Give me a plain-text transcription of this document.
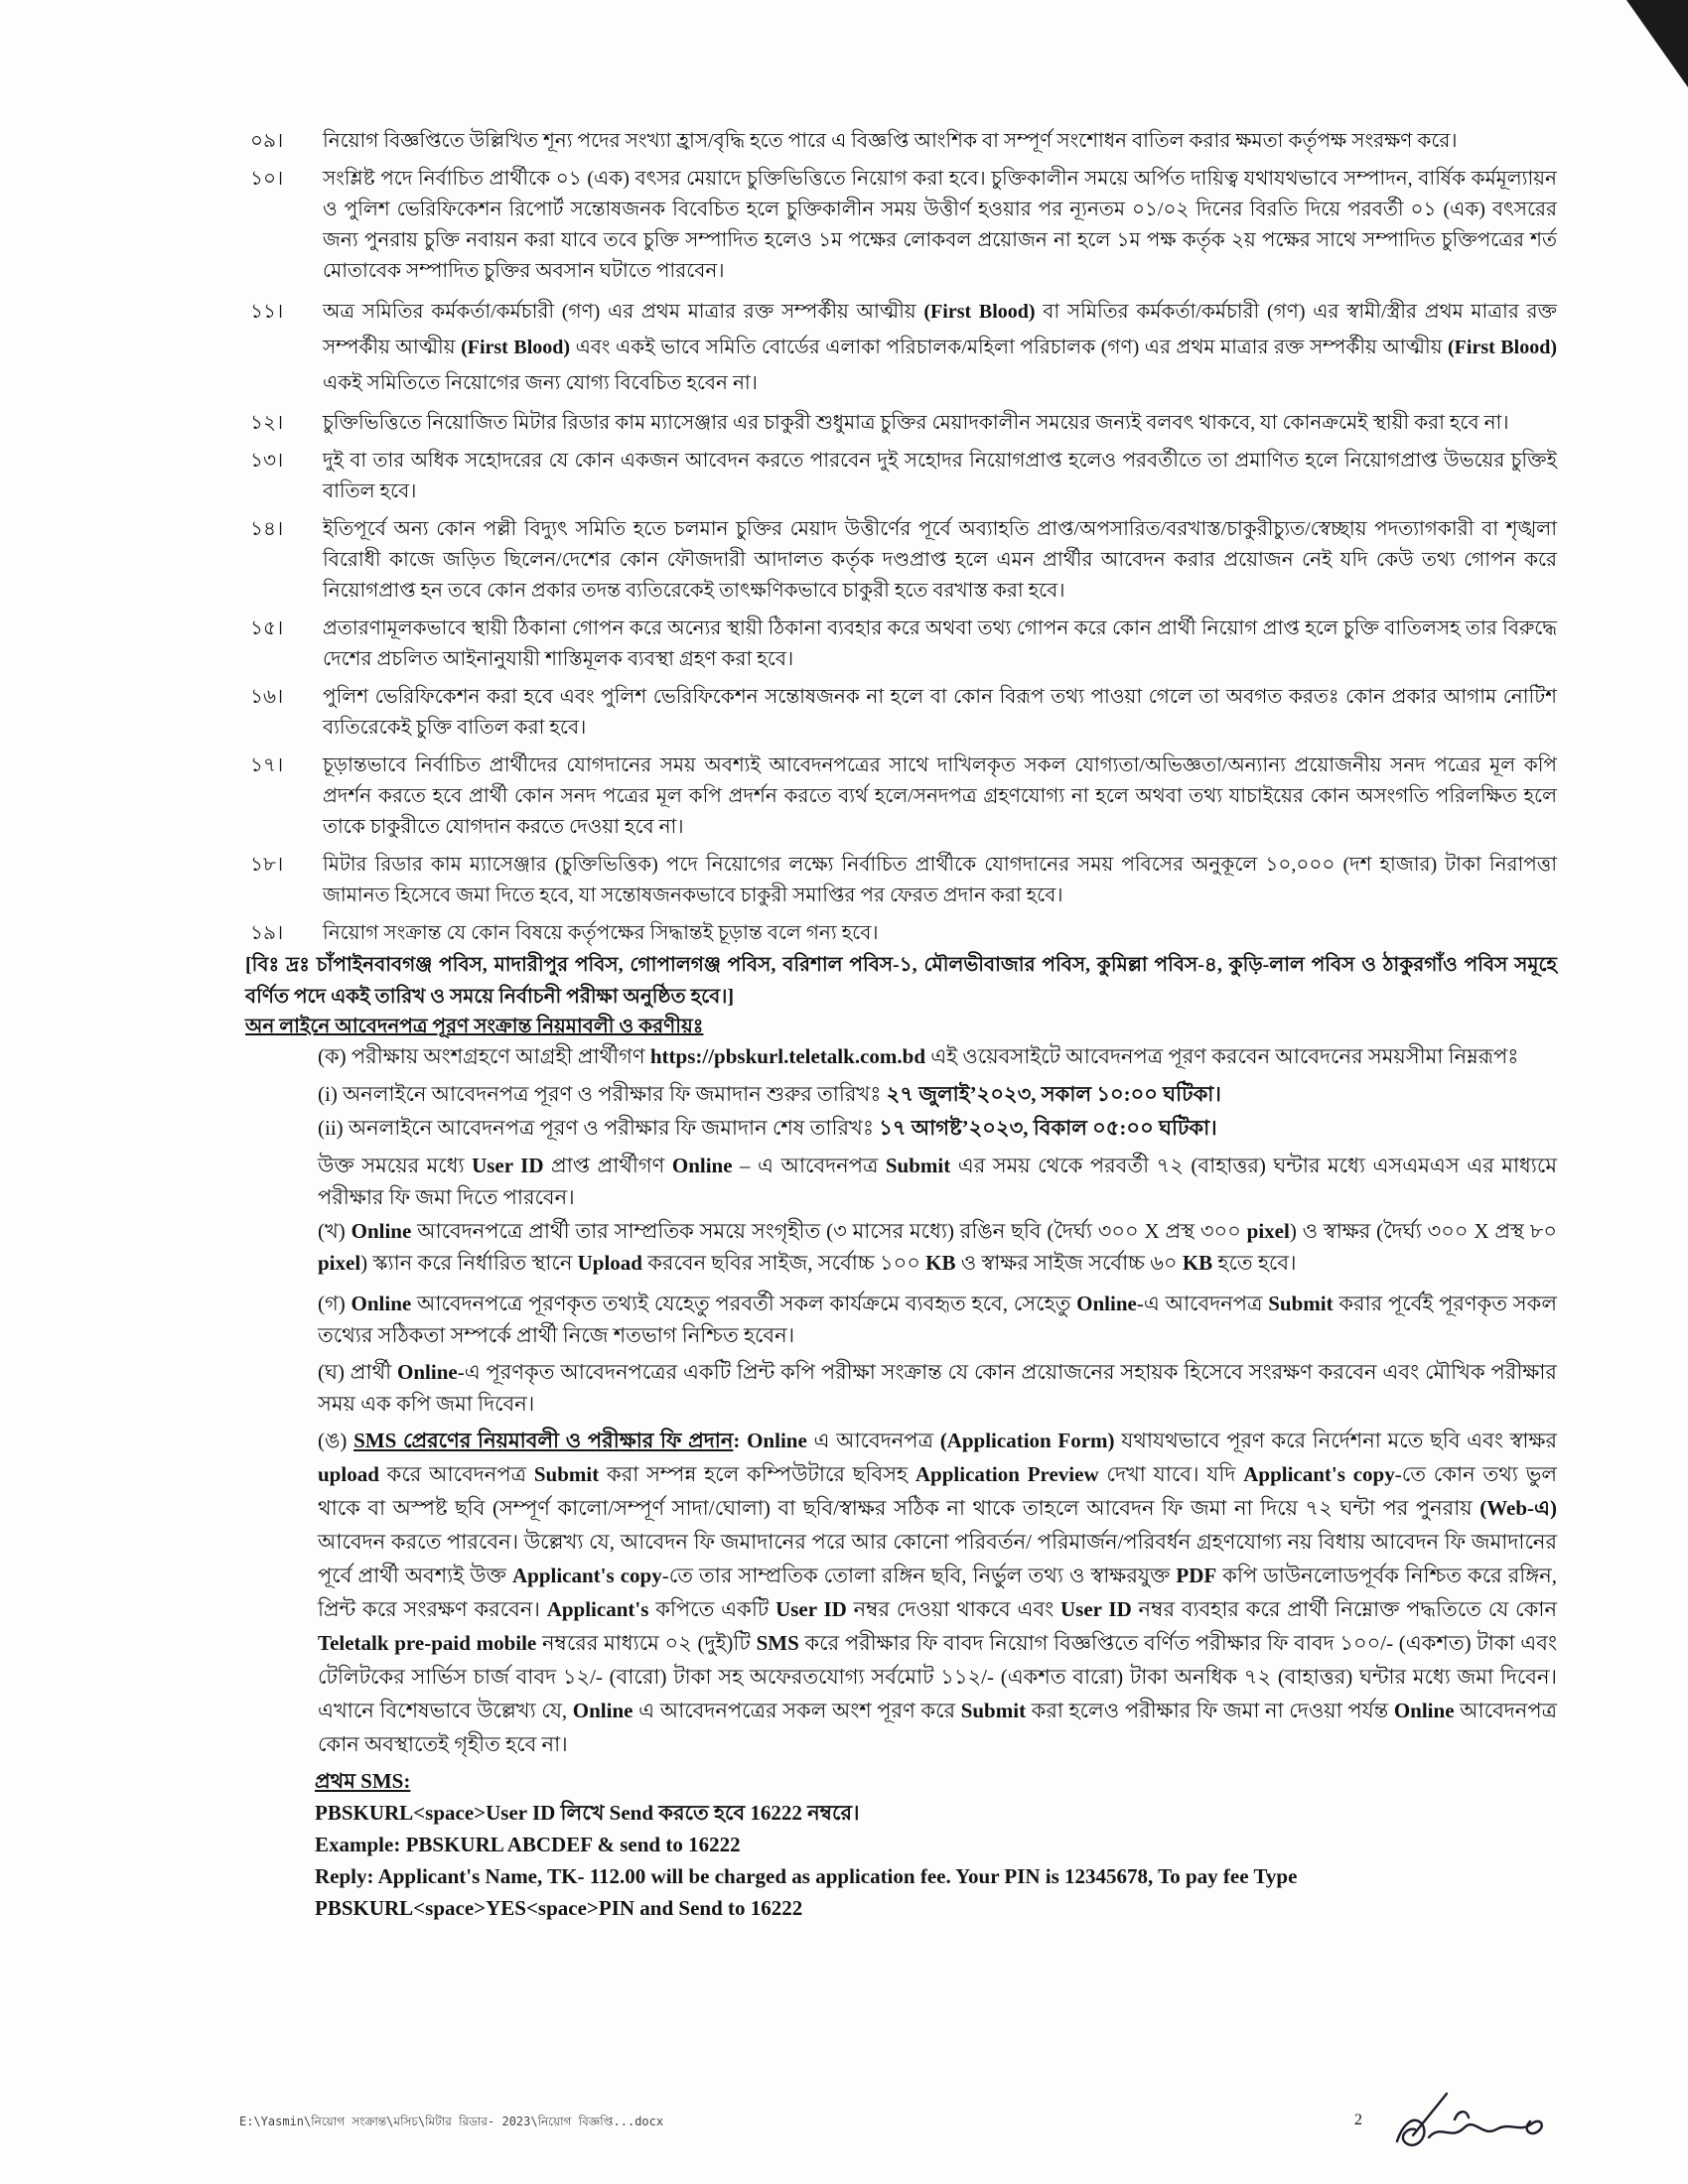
০৯।	নিয়োগ বিজ্ঞপ্তিতে উল্লিখিত শূন্য পদের সংখ্যা হ্রাস/বৃদ্ধি হতে পারে এ বিজ্ঞপ্তি আংশিক বা সম্পূর্ণ সংশোধন বাতিল করার ক্ষমতা কর্তৃপক্ষ সংরক্ষণ করে।
১০।	সংশ্লিষ্ট পদে নির্বাচিত প্রার্থীকে ০১ (এক) বৎসর মেয়াদে চুক্তিভিত্তিতে নিয়োগ করা হবে। চুক্তিকালীন সময়ে অর্পিত দায়িত্ব যথাযথভাবে সম্পাদন, বার্ষিক কর্মমূল্যায়ন ও পুলিশ ভেরিফিকেশন রিপোর্ট সন্তোষজনক বিবেচিত হলে চুক্তিকালীন সময় উত্তীর্ণ হওয়ার পর ন্যূনতম ০১/০২ দিনের বিরতি দিয়ে পরবর্তী ০১ (এক) বৎসরের জন্য পুনরায় চুক্তি নবায়ন করা যাবে তবে চুক্তি সম্পাদিত হলেও ১ম পক্ষের লোকবল প্রয়োজন না হলে ১ম পক্ষ কর্তৃক ২য় পক্ষের সাথে সম্পাদিত চুক্তিপত্রের শর্ত মোতাবেক সম্পাদিত চুক্তির অবসান ঘটাতে পারবেন।
১১।	অত্র সমিতির কর্মকর্তা/কর্মচারী (গণ) এর প্রথম মাত্রার রক্ত সম্পর্কীয় আত্মীয় (First Blood) বা সমিতির কর্মকর্তা/কর্মচারী (গণ) এর স্বামী/স্ত্রীর প্রথম মাত্রার রক্ত সম্পর্কীয় আত্মীয় (First Blood) এবং একই ভাবে সমিতি বোর্ডের এলাকা পরিচালক/মহিলা পরিচালক (গণ) এর প্রথম মাত্রার রক্ত সম্পর্কীয় আত্মীয় (First Blood) একই সমিতিতে নিয়োগের জন্য যোগ্য বিবেচিত হবেন না।
১২।	চুক্তিভিত্তিতে নিয়োজিত মিটার রিডার কাম ম্যাসেঞ্জার এর চাকুরী শুধুমাত্র চুক্তির মেয়াদকালীন সময়ের জন্যই বলবৎ থাকবে, যা কোনক্রমেই স্থায়ী করা হবে না।
১৩।	দুই বা তার অধিক সহোদরের যে কোন একজন আবেদন করতে পারবেন দুই সহোদর নিয়োগপ্রাপ্ত হলেও পরবর্তীতে তা প্রমাণিত হলে নিয়োগপ্রাপ্ত উভয়ের চুক্তিই বাতিল হবে।
১৪।	ইতিপূর্বে অন্য কোন পল্লী বিদ্যুৎ সমিতি হতে চলমান চুক্তির মেয়াদ উত্তীর্ণের পূর্বে অব্যাহতি প্রাপ্ত/অপসারিত/বরখাস্ত/চাকুরীচ্যুত/স্বেচ্ছায় পদত্যাগকারী বা শৃঙ্খলা বিরোধী কাজে জড়িত ছিলেন/দেশের কোন ফৌজদারী আদালত কর্তৃক দণ্ডপ্রাপ্ত হলে এমন প্রার্থীর আবেদন করার প্রয়োজন নেই যদি কেউ তথ্য গোপন করে নিয়োগপ্রাপ্ত হন তবে কোন প্রকার তদন্ত ব্যতিরেকেই তাৎক্ষণিকভাবে চাকুরী হতে বরখাস্ত করা হবে।
১৫।	প্রতারণামূলকভাবে স্থায়ী ঠিকানা গোপন করে অন্যের স্থায়ী ঠিকানা ব্যবহার করে অথবা তথ্য গোপন করে কোন প্রার্থী নিয়োগ প্রাপ্ত হলে চুক্তি বাতিলসহ তার বিরুদ্ধে দেশের প্রচলিত আইনানুযায়ী শাস্তিমূলক ব্যবস্থা গ্রহণ করা হবে।
১৬।	পুলিশ ভেরিফিকেশন করা হবে এবং পুলিশ ভেরিফিকেশন সন্তোষজনক না হলে বা কোন বিরূপ তথ্য পাওয়া গেলে তা অবগত করতঃ কোন প্রকার আগাম নোটিশ ব্যতিরেকেই চুক্তি বাতিল করা হবে।
১৭।	চূড়ান্তভাবে নির্বাচিত প্রার্থীদের যোগদানের সময় অবশ্যই আবেদনপত্রের সাথে দাখিলকৃত সকল যোগ্যতা/অভিজ্ঞতা/অন্যান্য প্রয়োজনীয় সনদ পত্রের মূল কপি প্রদর্শন করতে হবে প্রার্থী কোন সনদ পত্রের মূল কপি প্রদর্শন করতে ব্যর্থ হলে/সনদপত্র গ্রহণযোগ্য না হলে অথবা তথ্য যাচাইয়ের কোন অসংগতি পরিলক্ষিত হলে তাকে চাকুরীতে যোগদান করতে দেওয়া হবে না।
১৮।	মিটার রিডার কাম ম্যাসেঞ্জার (চুক্তিভিত্তিক) পদে নিয়োগের লক্ষ্যে নির্বাচিত প্রার্থীকে যোগদানের সময় পবিসের অনুকূলে ১০,০০০ (দশ হাজার) টাকা নিরাপত্তা জামানত হিসেবে জমা দিতে হবে, যা সন্তোষজনকভাবে চাকুরী সমাপ্তির পর ফেরত প্রদান করা হবে।
১৯।	নিয়োগ সংক্রান্ত যে কোন বিষয়ে কর্তৃপক্ষের সিদ্ধান্তই চূড়ান্ত বলে গন্য হবে।
[বিঃ দ্রঃ চাঁপাইনবাবগঞ্জ পবিস, মাদারীপুর পবিস, গোপালগঞ্জ পবিস, বরিশাল পবিস-১, মৌলভীবাজার পবিস, কুমিল্লা পবিস-৪, কুড়ি-লাল পবিস ও ঠাকুরগাঁও পবিস সমূহে বর্ণিত পদে একই তারিখ ও সময়ে নির্বাচনী পরীক্ষা অনুষ্ঠিত হবে।]
অন লাইনে আবেদনপত্র পূরণ সংক্রান্ত নিয়মাবলী ও করণীয়ঃ
(ক) পরীক্ষায় অংশগ্রহণে আগ্রহী প্রার্থীগণ https://pbskurl.teletalk.com.bd এই ওয়েবসাইটে আবেদনপত্র পূরণ করবেন আবেদনের সময়সীমা নিম্নরূপঃ
(i) অনলাইনে আবেদনপত্র পূরণ ও পরীক্ষার ফি জমাদান শুরুর তারিখঃ ২৭ জুলাই’২০২৩, সকাল ১০:০০ ঘটিকা।
(ii) অনলাইনে আবেদনপত্র পূরণ ও পরীক্ষার ফি জমাদান শেষ তারিখঃ ১৭ আগষ্ট’২০২৩, বিকাল ০৫:০০ ঘটিকা।
উক্ত সময়ের মধ্যে User ID প্রাপ্ত প্রার্থীগণ Online – এ আবেদনপত্র Submit এর সময় থেকে পরবর্তী ৭২ (বাহাত্তর) ঘন্টার মধ্যে এসএমএস এর মাধ্যমে পরীক্ষার ফি জমা দিতে পারবেন।
(খ) Online আবেদনপত্রে প্রার্থী তার সাম্প্রতিক সময়ে সংগৃহীত (৩ মাসের মধ্যে) রঙিন ছবি (দৈর্ঘ্য ৩০০ X প্রস্থ ৩০০ pixel) ও স্বাক্ষর (দৈর্ঘ্য ৩০০ X প্রস্থ ৮০ pixel) স্ক্যান করে নির্ধারিত স্থানে Upload করবেন ছবির সাইজ, সর্বোচ্চ ১০০ KB ও স্বাক্ষর সাইজ সর্বোচ্চ ৬০ KB হতে হবে।
(গ) Online আবেদনপত্রে পূরণকৃত তথ্যই যেহেতু পরবর্তী সকল কার্যক্রমে ব্যবহৃত হবে, সেহেতু Online-এ আবেদনপত্র Submit করার পূর্বেই পূরণকৃত সকল তথ্যের সঠিকতা সম্পর্কে প্রার্থী নিজে শতভাগ নিশ্চিত হবেন।
(ঘ) প্রার্থী Online-এ পূরণকৃত আবেদনপত্রের একটি প্রিন্ট কপি পরীক্ষা সংক্রান্ত যে কোন প্রয়োজনের সহায়ক হিসেবে সংরক্ষণ করবেন এবং মৌখিক পরীক্ষার সময় এক কপি জমা দিবেন।
(ঙ) SMS প্রেরণের নিয়মাবলী ও পরীক্ষার ফি প্রদান: Online এ আবেদনপত্র (Application Form) যথাযথভাবে পূরণ করে নির্দেশনা মতে ছবি এবং স্বাক্ষর upload করে আবেদনপত্র Submit করা সম্পন্ন হলে কম্পিউটারে ছবিসহ Application Preview দেখা যাবে। যদি Applicant's copy-তে কোন তথ্য ভুল থাকে বা অস্পষ্ট ছবি (সম্পূর্ণ কালো/সম্পূর্ণ সাদা/ঘোলা) বা ছবি/স্বাক্ষর সঠিক না থাকে তাহলে আবেদন ফি জমা না দিয়ে ৭২ ঘন্টা পর পুনরায় (Web-এ) আবেদন করতে পারবেন। উল্লেখ্য যে, আবেদন ফি জমাদানের পরে আর কোনো পরিবর্তন/ পরিমার্জন/পরিবর্ধন গ্রহণযোগ্য নয় বিধায় আবেদন ফি জমাদানের পূর্বে প্রার্থী অবশ্যই উক্ত Applicant's copy-তে তার সাম্প্রতিক তোলা রঙ্গিন ছবি, নির্ভুল তথ্য ও স্বাক্ষরযুক্ত PDF কপি ডাউনলোডপূর্বক নিশ্চিত করে রঙ্গিন, প্রিন্ট করে সংরক্ষণ করবেন। Applicant's কপিতে একটি User ID নম্বর দেওয়া থাকবে এবং User ID নম্বর ব্যবহার করে প্রার্থী নিম্নোক্ত পদ্ধতিতে যে কোন Teletalk pre-paid mobile নম্বরের মাধ্যমে ০২ (দুই)টি SMS করে পরীক্ষার ফি বাবদ নিয়োগ বিজ্ঞপ্তিতে বর্ণিত পরীক্ষার ফি বাবদ ১০০/- (একশত) টাকা এবং টেলিটকের সার্ভিস চার্জ বাবদ ১২/- (বারো) টাকা সহ অফেরতযোগ্য সর্বমোট ১১২/- (একশত বারো) টাকা অনধিক ৭২ (বাহাত্তর) ঘন্টার মধ্যে জমা দিবেন। এখানে বিশেষভাবে উল্লেখ্য যে, Online এ আবেদনপত্রের সকল অংশ পূরণ করে Submit করা হলেও পরীক্ষার ফি জমা না দেওয়া পর্যন্ত Online আবেদনপত্র কোন অবস্থাতেই গৃহীত হবে না।
প্রথম SMS:
PBSKURL<space>User ID লিখে Send করতে হবে 16222 নম্বরে।
Example: PBSKURL ABCDEF & send to 16222
Reply: Applicant's Name, TK- 112.00 will be charged as application fee. Your PIN is 12345678, To pay fee Type PBSKURL<space>YES<space>PIN and Send to 16222
E:\Yasmin\নিয়োগ সংক্রান্ত\মসিচ\মিটার রিডার- 2023\নিয়োগ বিজ্ঞপ্তি...docx	2
